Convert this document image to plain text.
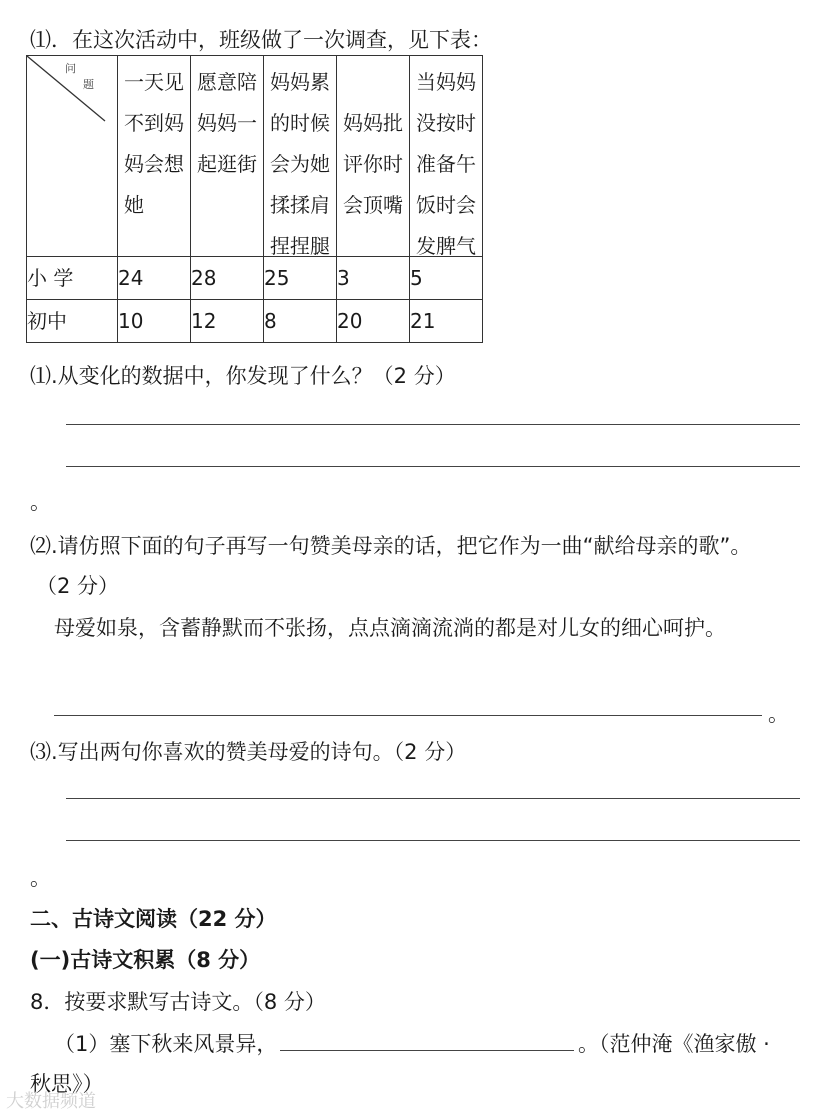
⑴．在这次活动中，班级做了一次调查，见下表：
问
题	一天见
不到妈
妈会想
她	愿意陪
妈妈一
起逛街	妈妈累
的时候
会为她
揉揉肩
捏捏腿	妈妈批
评你时
会顶嘴	当妈妈
没按时
准备午
饭时会
发脾气

小 学	24	28	25	3	5
初中	10	12	8	20	21
⑴.从变化的数据中，你发现了什么？（2 分）
。
⑵.请仿照下面的句子再写一句赞美母亲的话，把它作为一曲“献给母亲的歌”。
（2 分）
母爱如泉，含蓄静默而不张扬，点点滴滴流淌的都是对儿女的细心呵护。
。
⑶.写出两句你喜欢的赞美母爱的诗句。（2 分）
。
二、古诗文阅读（22 分）
(一)古诗文积累（8 分）
8．按要求默写古诗文。（8 分）
（1）塞下秋来风景异，	。（范仲淹《渔家傲 ·
秋思》）
大数据频道
